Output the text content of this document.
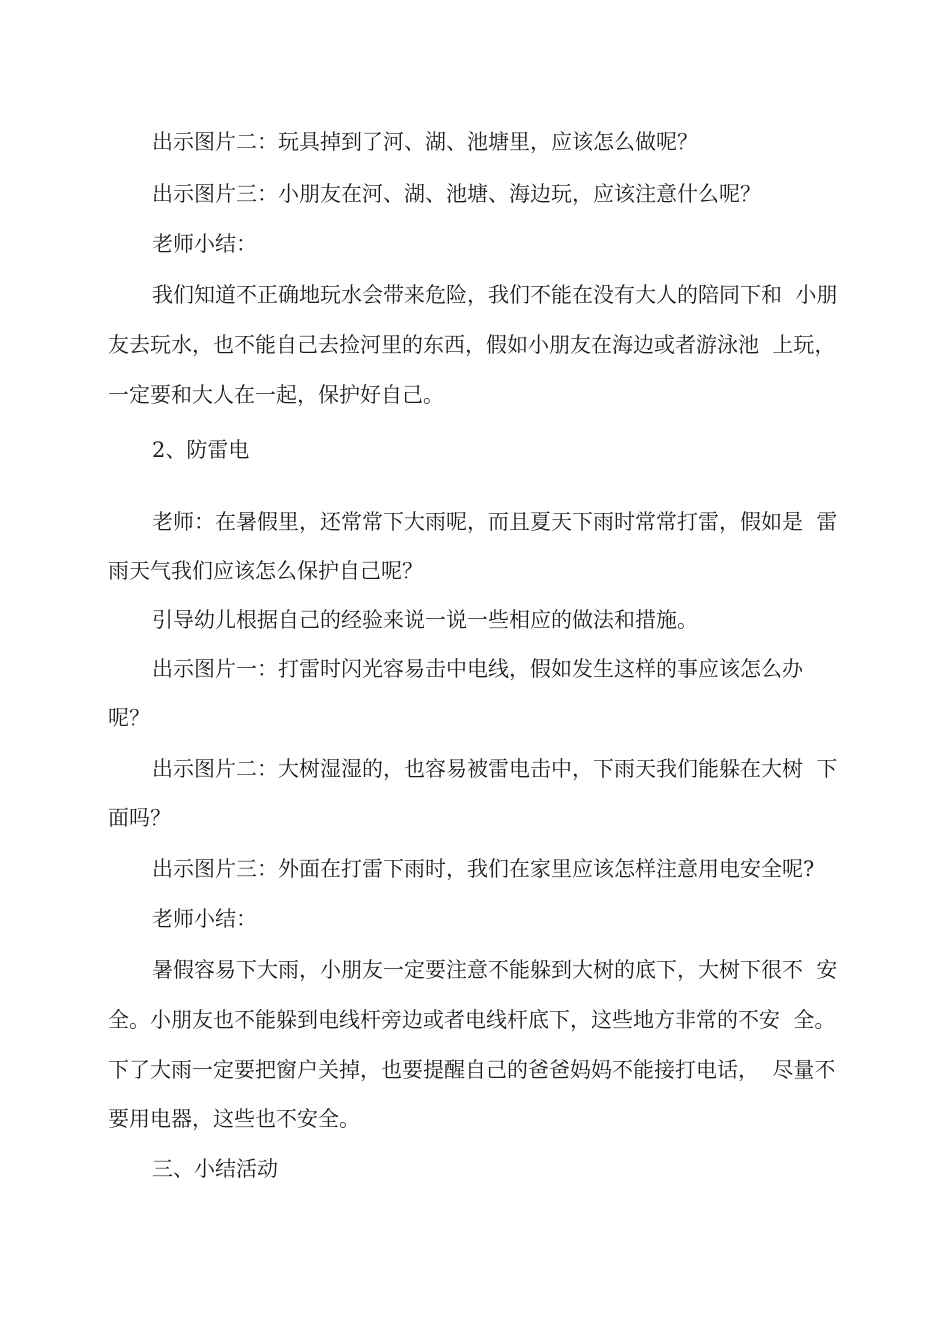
出示图片二：玩具掉到了河、湖、池塘里，应该怎么做呢？
出示图片三：小朋友在河、湖、池塘、海边玩，应该注意什么呢？
老师小结：
我们知道不正确地玩水会带来危险，我们不能在没有大人的陪同下和  小朋
友去玩水，也不能自己去捡河里的东西，假如小朋友在海边或者游泳池  上玩，
一定要和大人在一起，保护好自己。
2、防雷电
老师：在暑假里，还常常下大雨呢，而且夏天下雨时常常打雷，假如是  雷
雨天气我们应该怎么保护自己呢？
引导幼儿根据自己的经验来说一说一些相应的做法和措施。
出示图片一：打雷时闪光容易击中电线，假如发生这样的事应该怎么办
呢？
出示图片二：大树湿湿的，也容易被雷电击中，下雨天我们能躲在大树  下
面吗？
出示图片三：外面在打雷下雨时，我们在家里应该怎样注意用电安全呢?
老师小结：
暑假容易下大雨，小朋友一定要注意不能躲到大树的底下，大树下很不  安
全。小朋友也不能躲到电线杆旁边或者电线杆底下，这些地方非常的不安  全。
下了大雨一定要把窗户关掉，也要提醒自己的爸爸妈妈不能接打电话，  尽量不
要用电器，这些也不安全。
三、小结活动
